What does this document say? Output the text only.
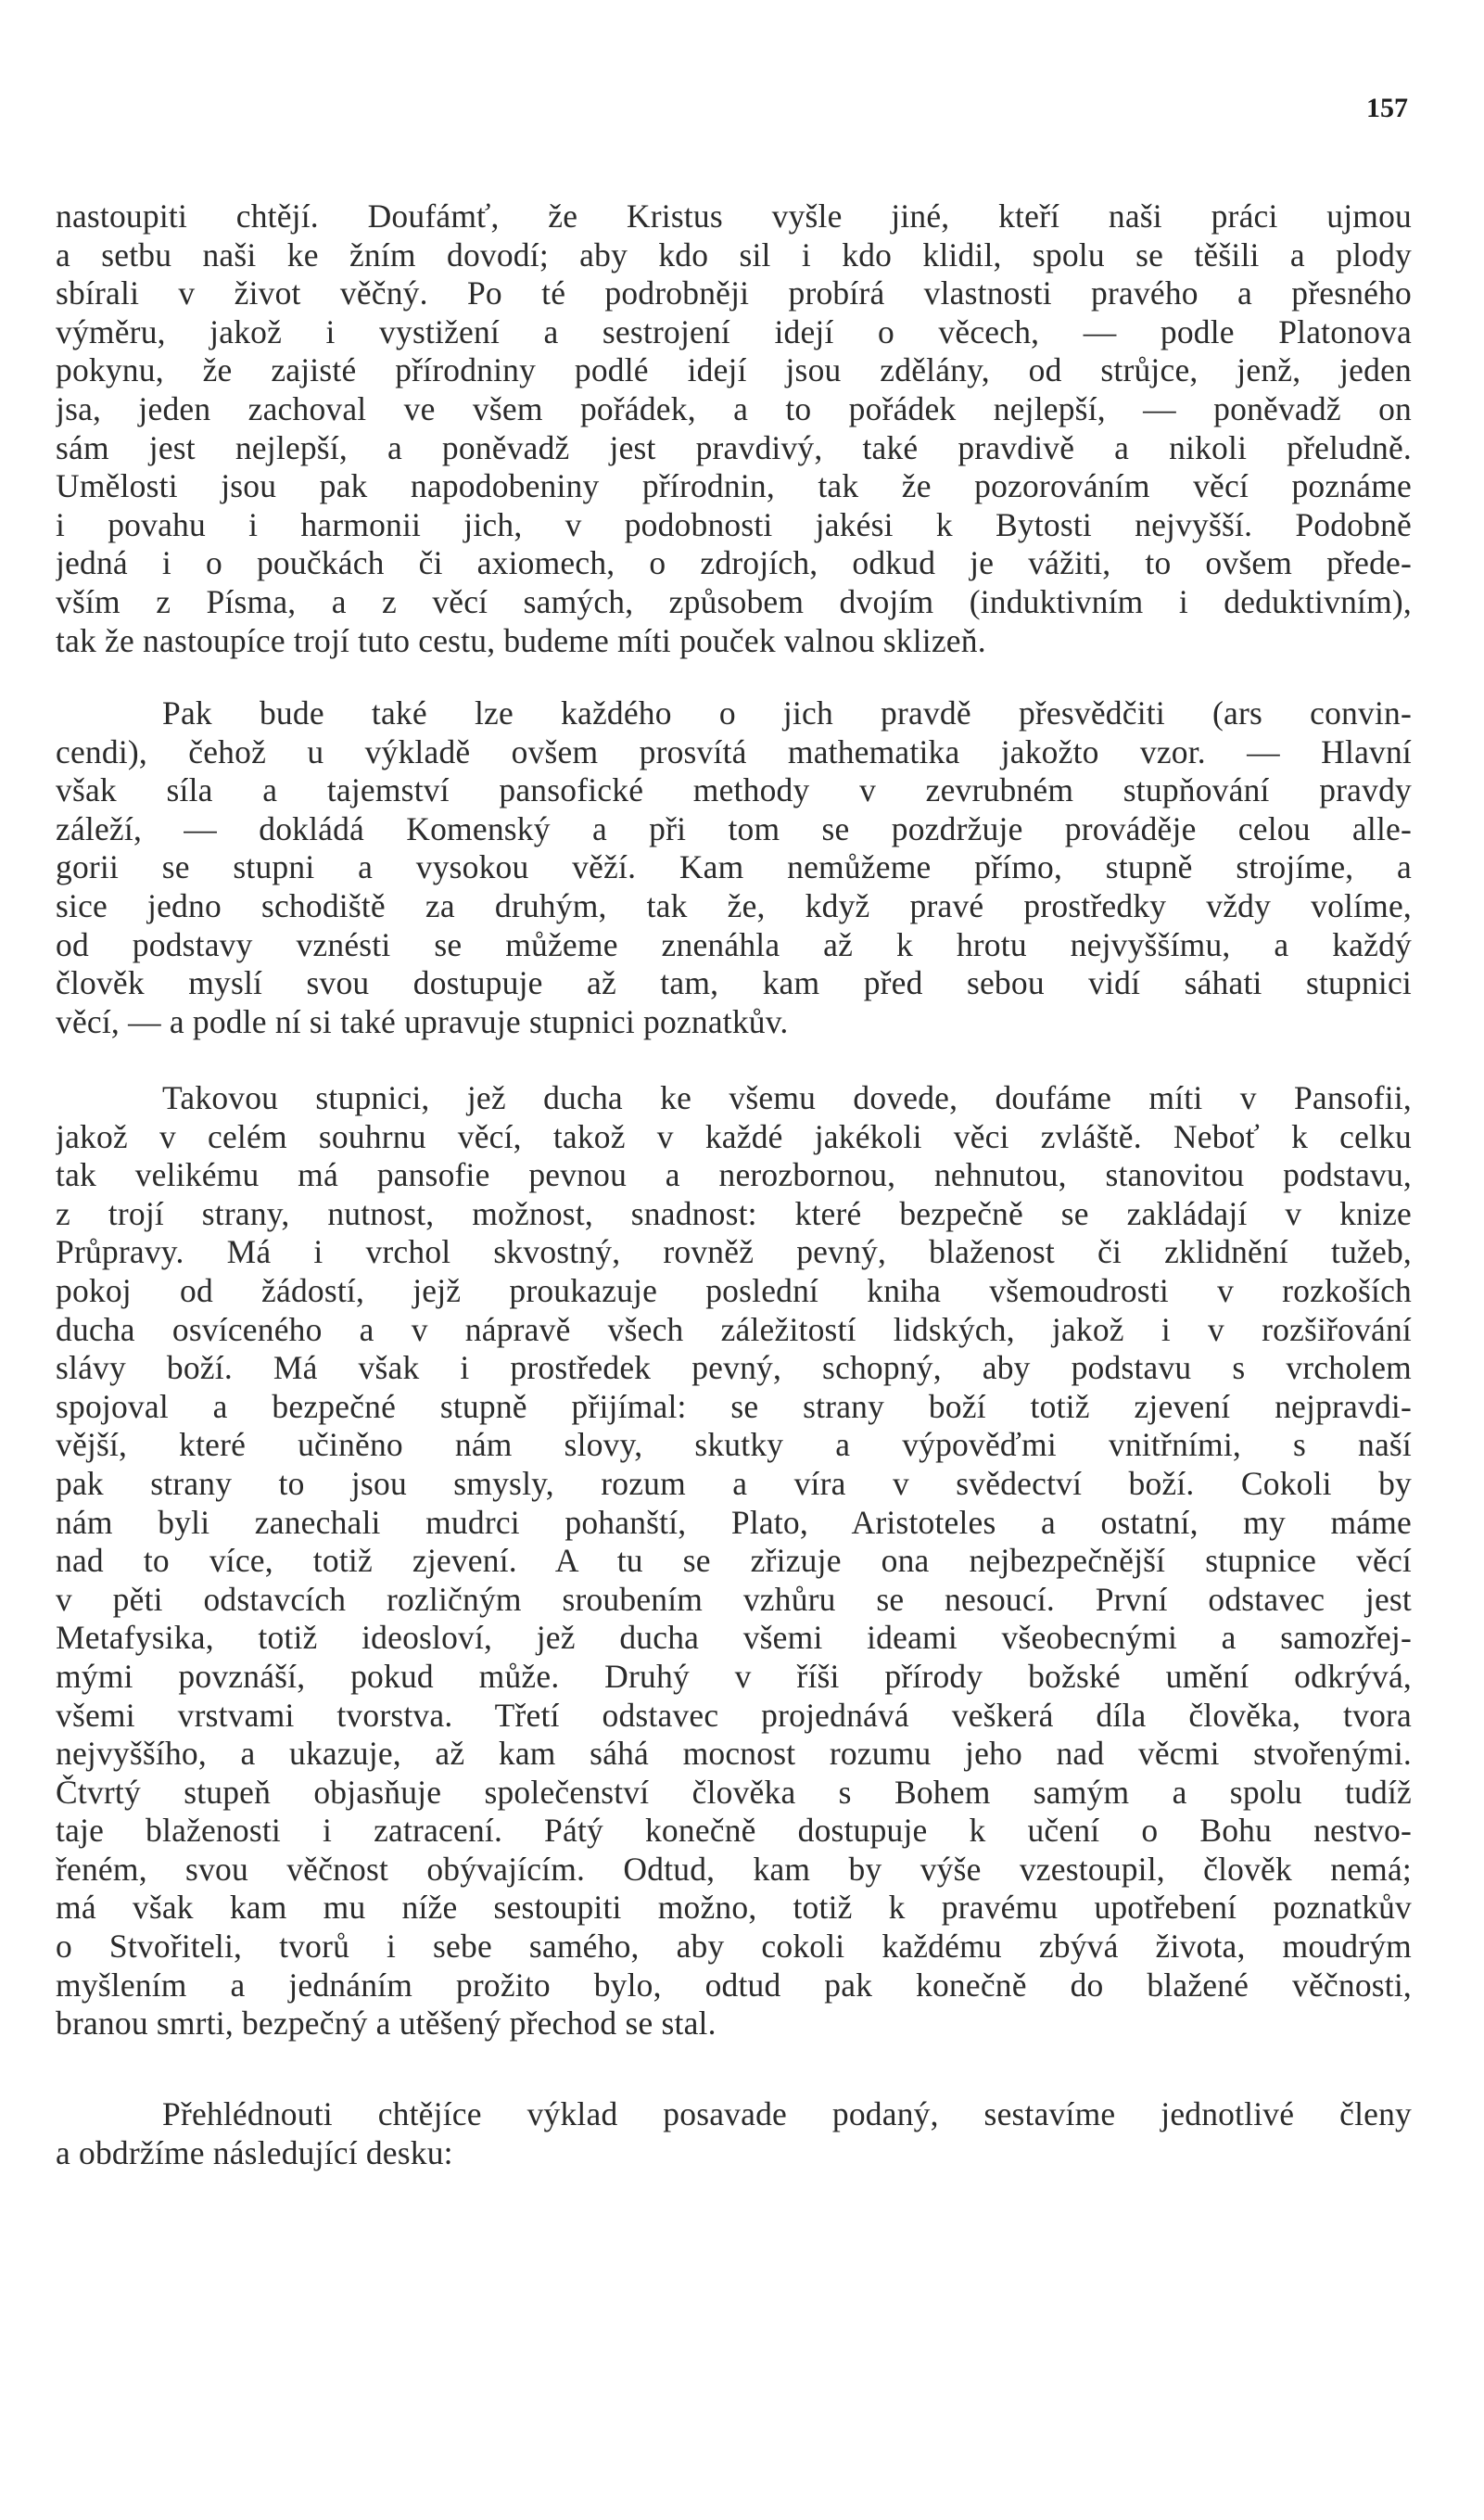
157
nastoupiti chtějí. Doufámť, že Kristus vyšle jiné, kteří naši práci ujmou
a setbu naši ke žním dovodí; aby kdo sil i kdo klidil, spolu se těšili a plody
sbírali v život věčný. Po té podrobněji probírá vlastnosti pravého a přesného
výměru, jakož i vystižení a sestrojení idejí o věcech, — podle Platonova
pokynu, že zajisté přírodniny podlé idejí jsou zdělány, od strůjce, jenž, jeden
jsa, jeden zachoval ve všem pořádek, a to pořádek nejlepší, — poněvadž on
sám jest nejlepší, a poněvadž jest pravdivý, také pravdivě a nikoli přeludně.
Umělosti jsou pak napodobeniny přírodnin, tak že pozorováním věcí poznáme
i povahu i harmonii jich, v podobnosti jakési k Bytosti nejvyšší. Podobně
jedná i o poučkách či axiomech, o zdrojích, odkud je vážiti, to ovšem přede-
vším z Písma, a z věcí samých, způsobem dvojím (induktivním i deduktivním),
tak že nastoupíce trojí tuto cestu, budeme míti pouček valnou sklizeň.
Pak bude také lze každého o jich pravdě přesvědčiti (ars convin-
cendi), čehož u výkladě ovšem prosvítá mathematika jakožto vzor. — Hlavní
však síla a tajemství pansofické methody v zevrubném stupňování pravdy
záleží, — dokládá Komenský a při tom se pozdržuje prováděje celou alle-
gorii se stupni a vysokou věží. Kam nemůžeme přímo, stupně strojíme, a
sice jedno schodiště za druhým, tak že, když pravé prostředky vždy volíme,
od podstavy vznésti se můžeme znenáhla až k hrotu nejvyššímu, a každý
člověk myslí svou dostupuje až tam, kam před sebou vidí sáhati stupnici
věcí, — a podle ní si také upravuje stupnici poznatkův.
Takovou stupnici, jež ducha ke všemu dovede, doufáme míti v Pansofii,
jakož v celém souhrnu věcí, takož v každé jakékoli věci zvláště. Neboť k celku
tak velikému má pansofie pevnou a nerozbornou, nehnutou, stanovitou podstavu,
z trojí strany, nutnost, možnost, snadnost: které bezpečně se zakládají v knize
Průpravy. Má i vrchol skvostný, rovněž pevný, blaženost či zklidnění tužeb,
pokoj od žádostí, jejž proukazuje poslední kniha všemoudrosti v rozkoších
ducha osvíceného a v nápravě všech záležitostí lidských, jakož i v rozšiřování
slávy boží. Má však i prostředek pevný, schopný, aby podstavu s vrcholem
spojoval a bezpečné stupně přijímal: se strany boží totiž zjevení nejpravdi-
vější, které učiněno nám slovy, skutky a výpověďmi vnitřními, s naší
pak strany to jsou smysly, rozum a víra v svědectví boží. Cokoli by
nám byli zanechali mudrci pohanští, Plato, Aristoteles a ostatní, my máme
nad to více, totiž zjevení. A tu se zřizuje ona nejbezpečnější stupnice věcí
v pěti odstavcích rozličným sroubením vzhůru se nesoucí. První odstavec jest
Metafysika, totiž ideosloví, jež ducha všemi ideami všeobecnými a samozřej-
mými povznáší, pokud může. Druhý v říši přírody božské umění odkrývá,
všemi vrstvami tvorstva. Třetí odstavec projednává veškerá díla člověka, tvora
nejvyššího, a ukazuje, až kam sáhá mocnost rozumu jeho nad věcmi stvořenými.
Čtvrtý stupeň objasňuje společenství člověka s Bohem samým a spolu tudíž
taje blaženosti i zatracení. Pátý konečně dostupuje k učení o Bohu nestvo-
řeném, svou věčnost obývajícím. Odtud, kam by výše vzestoupil, člověk nemá;
má však kam mu níže sestoupiti možno, totiž k pravému upotřebení poznatkův
o Stvořiteli, tvorů i sebe samého, aby cokoli každému zbývá života, moudrým
myšlením a jednáním prožito bylo, odtud pak konečně do blažené věčnosti,
branou smrti, bezpečný a utěšený přechod se stal.
Přehlédnouti chtějíce výklad posavade podaný, sestavíme jednotlivé členy
a obdržíme následující desku:
